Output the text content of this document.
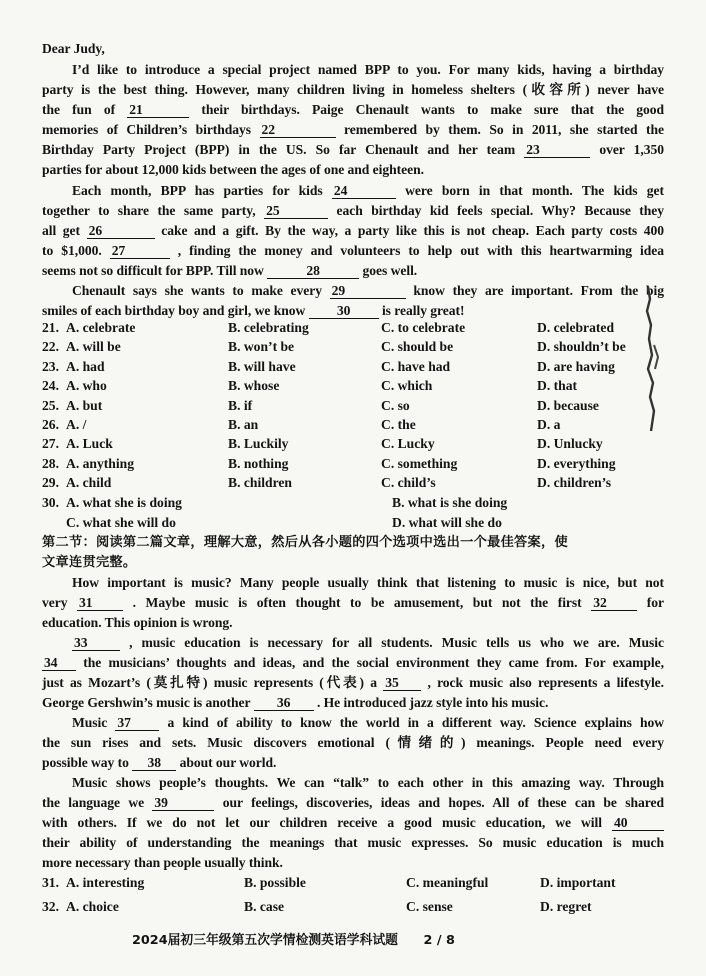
Dear Judy,
I’d like to introduce a special project named BPP to you. For many kids, having a birthday
party is the best thing. However, many children living in homeless shelters (收容所) never have
the fun of 21	their birthdays. Paige Chenault wants to make sure that the good
memories of Children’s birthdays 22	remembered by them. So in 2011, she started the
Birthday Party Project (BPP) in the US. So far Chenault and her team 23	over 1,350
parties for about 12,000 kids between the ages of one and eighteen.
Each month, BPP has parties for kids 24	were born in that month. The kids get
together to share the same party, 25	each birthday kid feels special. Why? Because they
all get 26	cake and a gift. By the way, a party like this is not cheap. Each party costs 400
to $1,000. 27	, finding the money and volunteers to help out with this heartwarming idea
seems not so difficult for BPP. Till now	28	goes well.
Chenault says she wants to make every 29	know they are important. From the big
smiles of each birthday boy and girl, we know 30 is really great!
21. A. celebrate	B. celebrating	C. to celebrate	D. celebrated
22. A. will be	B. won’t be	C. should be	D. shouldn’t be
23. A. had	B. will have	C. have had	D. are having
24. A. who	B. whose	C. which	D. that
25. A. but	B. if	C. so	D. because
26. A. /	B. an	C. the	D. a
27. A. Luck	B. Luckily	C. Lucky	D. Unlucky
28. A. anything	B. nothing	C. something	D. everything
29. A. child	B. children	C. child’s	D. children’s
30. A. what she is doing	B. what is she doing
C. what she will do	D. what will she do
第二节：阅读第二篇文章，理解大意，然后从各小题的四个选项中选出一个最佳答案，使
文章连贯完整。
How important is music? Many people usually think that listening to music is nice, but not
very 31	. Maybe music is often thought to be amusement, but not the first 32	for
education. This opinion is wrong.
33	, music education is necessary for all students. Music tells us who we are. Music
34 the musicians’ thoughts and ideas, and the social environment they came from. For example,
just as Mozart’s (莫扎特) music represents (代表) a 35 , rock music also represents a lifestyle.
George Gershwin’s music is another 36 . He introduced jazz style into his music.
Music 37	a kind of ability to know the world in a different way. Science explains how
the sun rises and sets. Music discovers emotional (情绪的) meanings. People need every
possible way to 38 about our world.
Music shows people’s thoughts. We can “talk” to each other in this amazing way. Through
the language we 39	our feelings, discoveries, ideas and hopes. All of these can be shared
with others. If we do not let our children receive a good music education, we will 40
their ability of understanding the meanings that music expresses. So music education is much
more necessary than people usually think.
31. A. interesting	B. possible	C. meaningful	D. important
32. A. choice	B. case	C. sense	D. regret
2024届初三年级第五次学情检测英语学科试题　　2 / 8
